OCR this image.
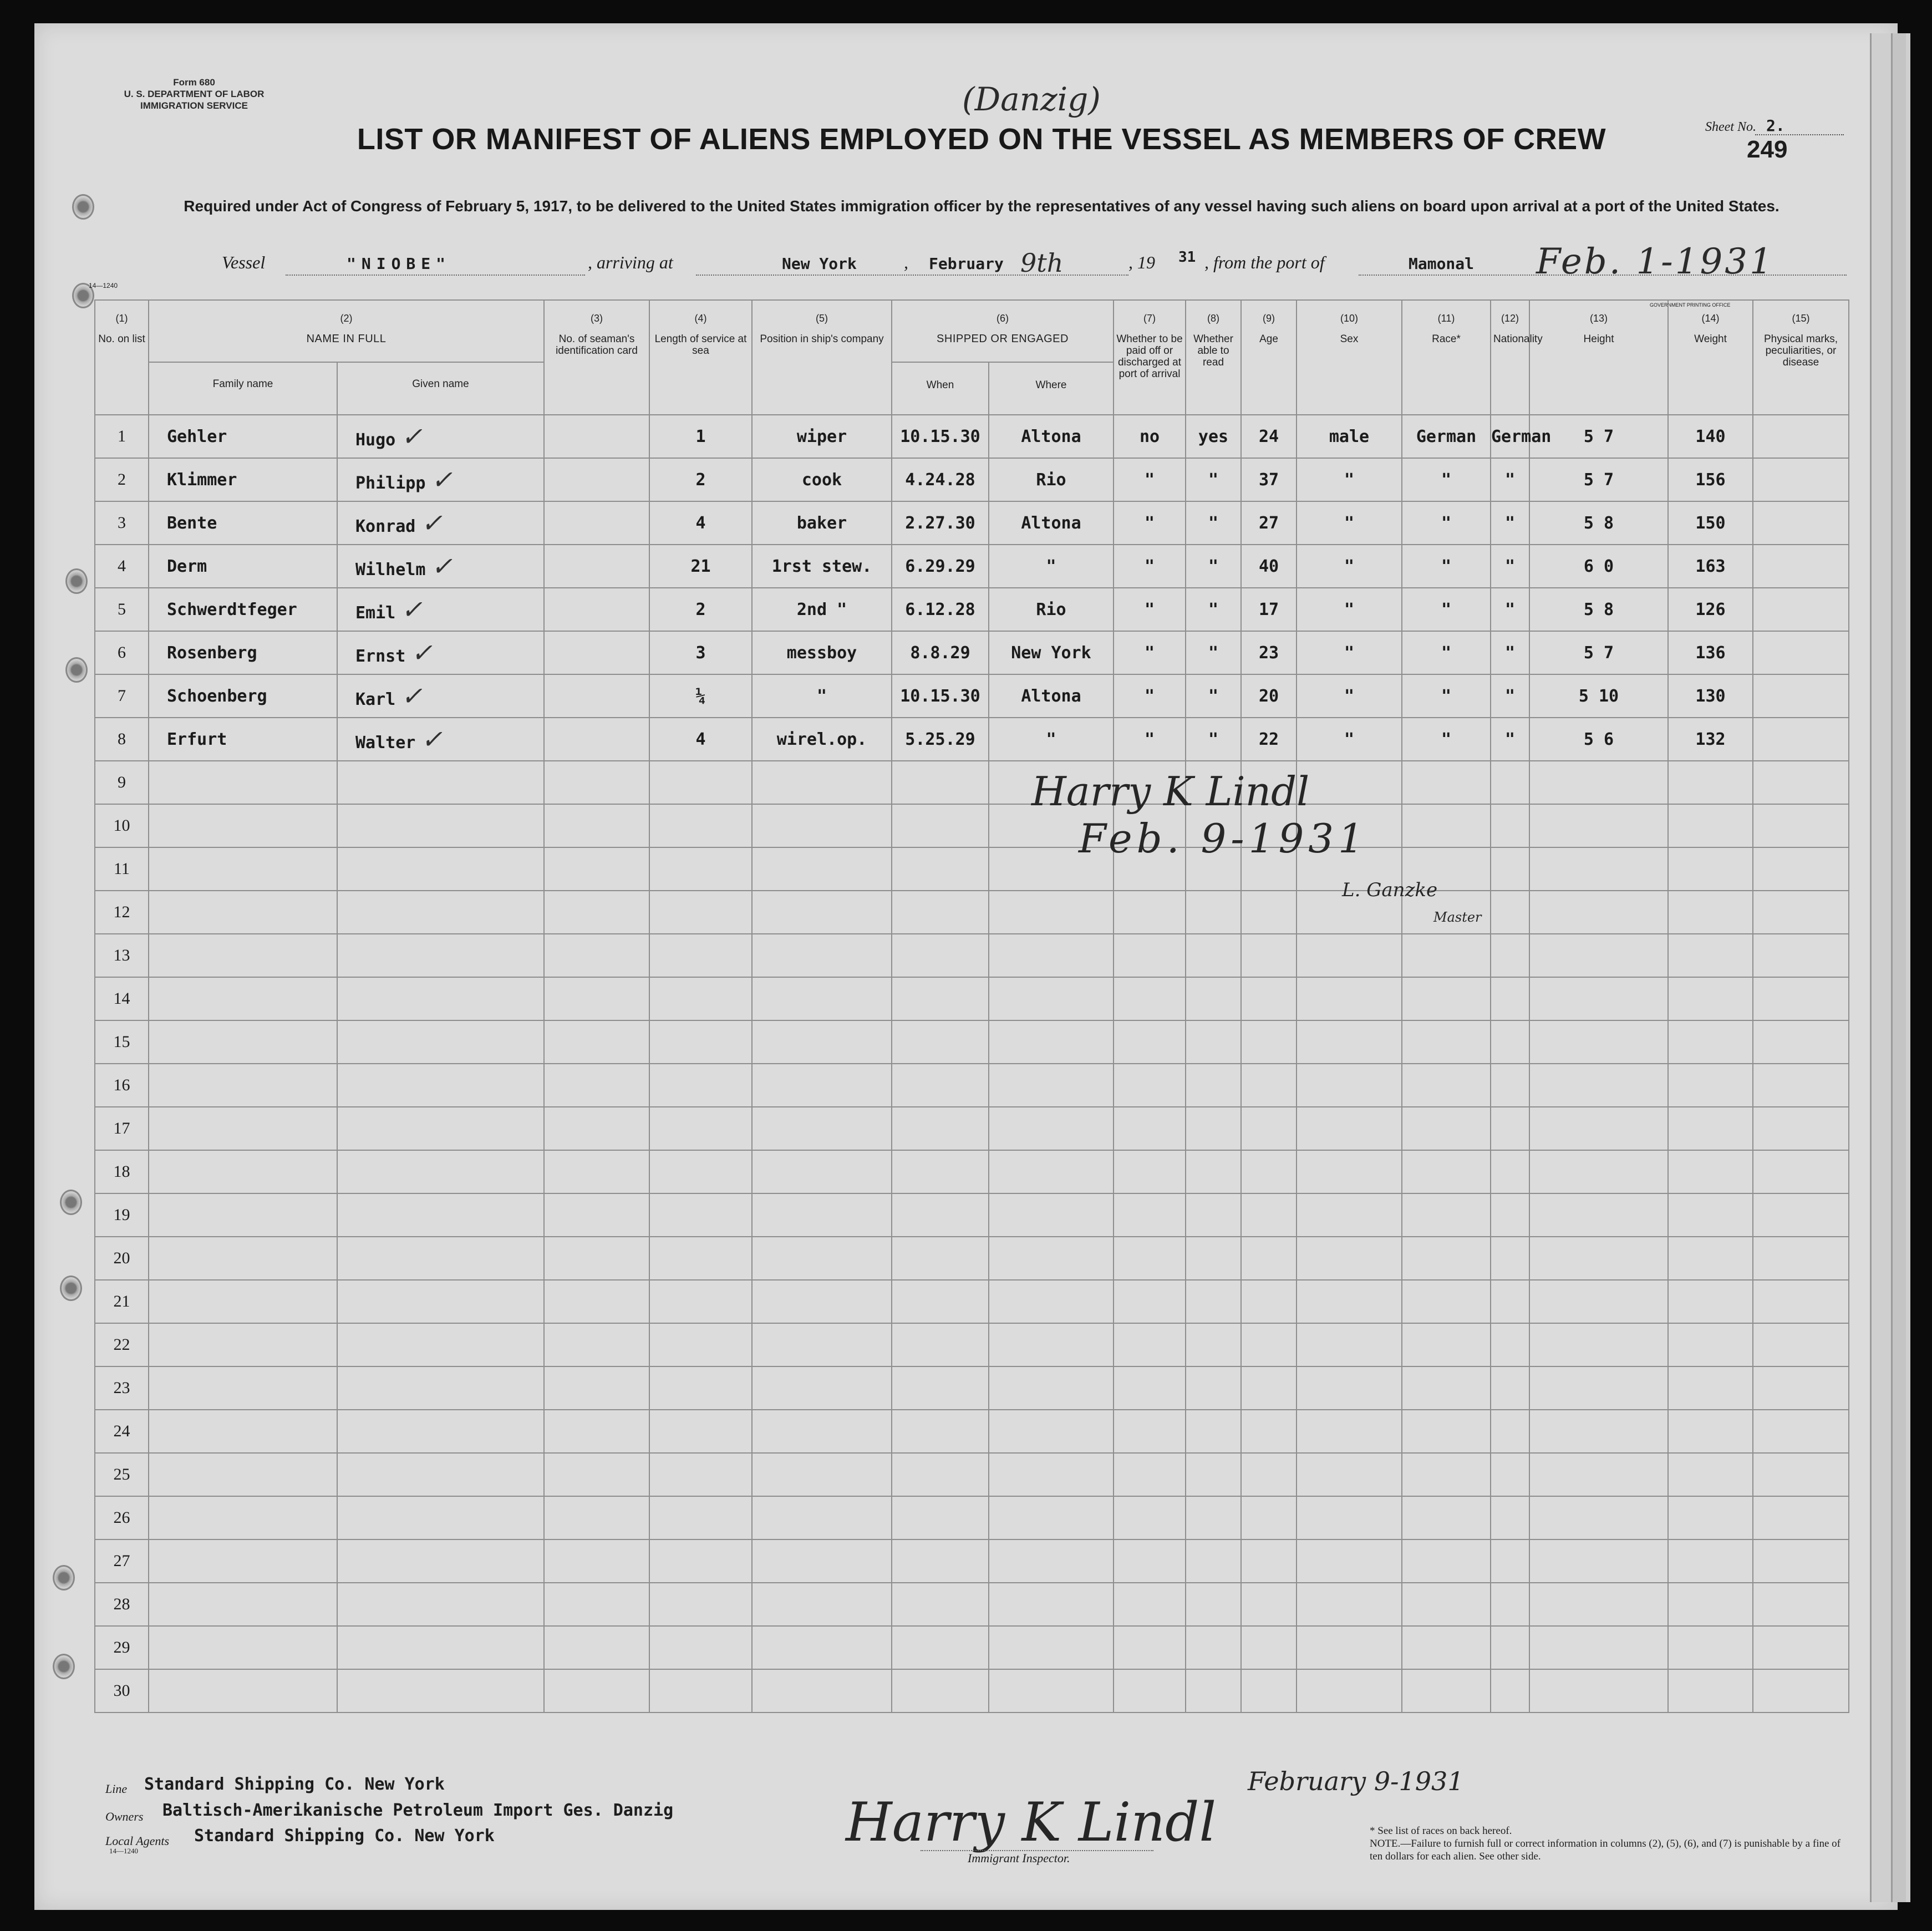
Form 680
U. S. DEPARTMENT OF LABOR
IMMIGRATION SERVICE	(Danzig)
LIST OR MANIFEST OF ALIENS EMPLOYED ON THE VESSEL AS MEMBERS OF CREW	Sheet No. 2.
249
Required under Act of Congress of February 5, 1917, to be delivered to the United States immigration officer by the representatives of any vessel having such aliens on board upon arrival at a port of the United States.
Vessel	"NIOBE"	, arriving at	New York	, February 9th	, 19 31 , from the port of	Mamonal Feb. 1-1931
14—1240
GOVERNMENT PRINTING OFFICE
(1)
No. on list	(2)
NAME IN FULL		(3)
No. of seaman's identification card	(4)
Length of service at sea	(5)
Position in ship's company	(6)
SHIPPED OR ENGAGED		(7)
Whether to be paid off or discharged at port of arrival	(8)
Whether able to read	(9)
Age	(10)
Sex	(11)
Race*	(12)
Nationality	(13)
Height	(14)
Weight	(15)
Physical marks, peculiarities, or disease

	Family name	Given name				When	Where									

1	Gehler	Hugo ✓		1	wiper	10.15.30	Altona	no	yes	24	male	German	German	5 7	140	
2	Klimmer	Philipp ✓		2	cook	4.24.28	Rio	"	"	37	"	"	"	5 7	156	
3	Bente	Konrad ✓		4	baker	2.27.30	Altona	"	"	27	"	"	"	5 8	150	
4	Derm	Wilhelm ✓		21	1rst stew.	6.29.29	"	"	"	40	"	"	"	6 0	163	
5	Schwerdtfeger	Emil ✓		2	2nd "	6.12.28	Rio	"	"	17	"	"	"	5 8	126	
6	Rosenberg	Ernst ✓		3	messboy	8.8.29	New York	"	"	23	"	"	"	5 7	136	
7	Schoenberg	Karl ✓		¼	"	10.15.30	Altona	"	"	20	"	"	"	5 10	130	
8	Erfurt	Walter ✓		4	wirel.op.	5.25.29	"	"	"	22	"	"	"	5 6	132	
9																
10																
11																
12																
13																
14																
15																
16																
17																
18																
19																
20																
21																
22																
23																
24																
25																
26																
27																
28																
29																
30																
Harry K Lindl
Feb. 9-1931
L. Ganzke
Master
Line Standard Shipping Co. New York
Owners Baltisch-Amerikanische Petroleum Import Ges. Danzig
Local Agents Standard Shipping Co. New York
14—1240	Harry K Lindl
Immigrant Inspector.
February 9-1931
* See list of races on back hereof.
NOTE.—Failure to furnish full or correct information in columns (2), (5), (6), and (7) is punishable by a fine of ten dollars for each alien. See other side.
